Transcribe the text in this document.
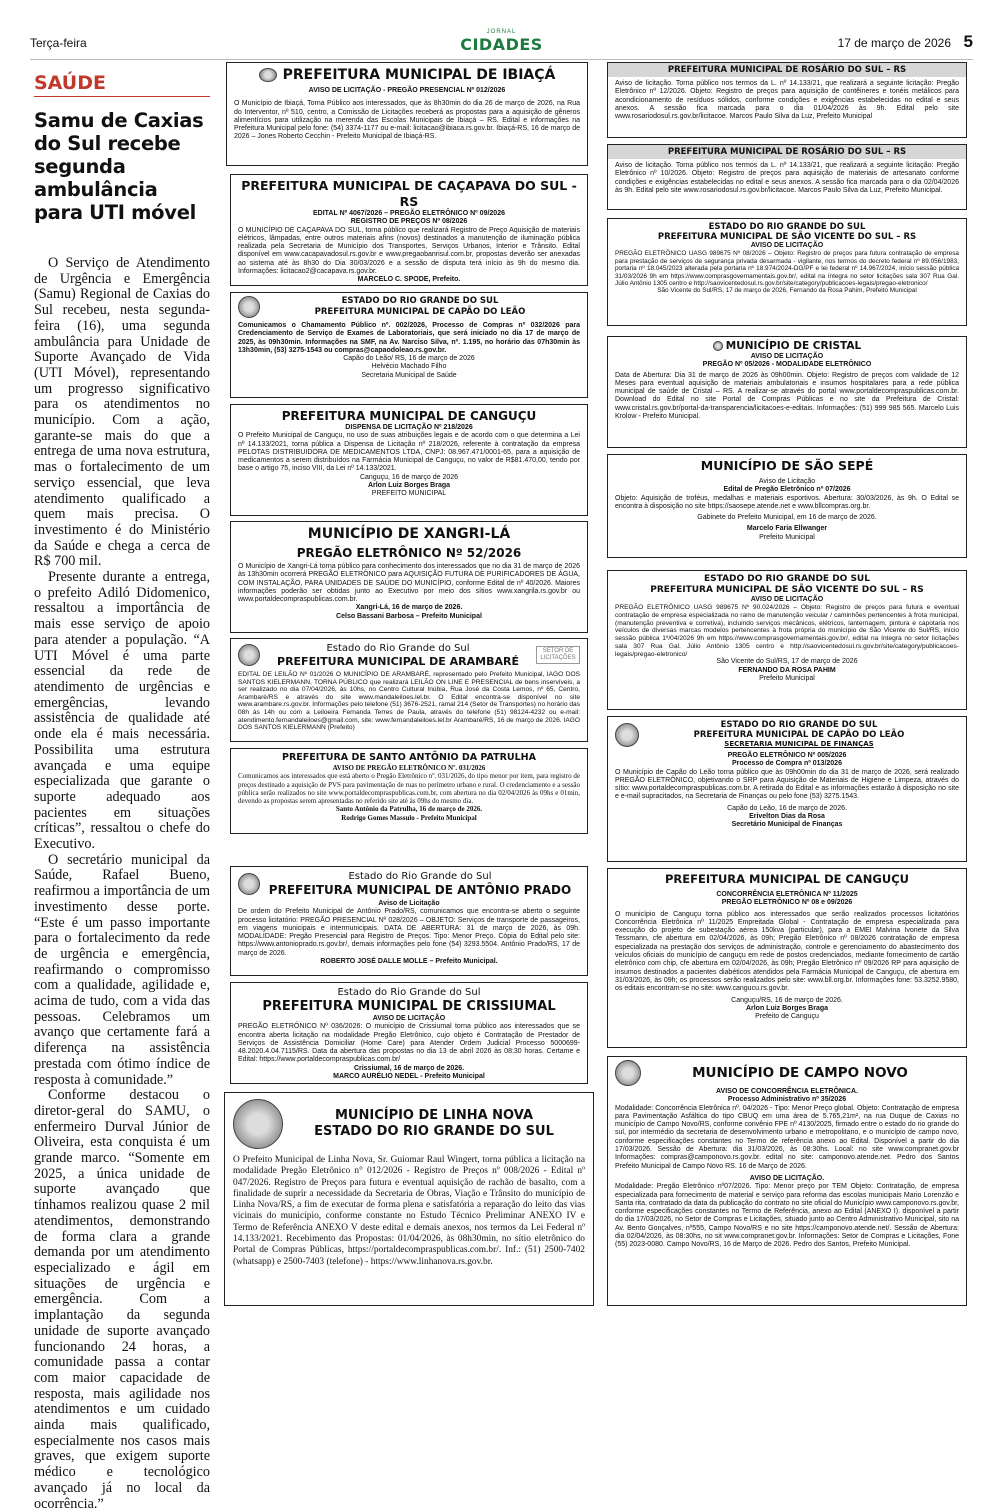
Terça-feira
JORNAL
CIDADES	17 de março de 2026 5
SAÚDE
Samu de Caxias do Sul recebe segunda ambulância para UTI móvel

O Serviço de Atendimento de Urgência e Emergência (Samu) Regional de Caxias do Sul recebeu, nesta segunda-feira (16), uma segunda ambulância para Unidade de Suporte Avançado de Vida (UTI Móvel), representando um progresso significativo para os atendimentos no município. Com a ação, garante-se mais do que a entrega de uma nova estrutura, mas o fortalecimento de um serviço essencial, que leva atendimento qualificado a quem mais precisa. O investimento é do Ministério da Saúde e chega a cerca de R$ 700 mil.

Presente durante a entrega, o prefeito Adiló Didomenico, ressaltou a importância de mais esse serviço de apoio para atender a população. “A UTI Móvel é uma parte essencial da rede de atendimento de urgências e emergências, levando assistência de qualidade até onde ela é mais necessária. Possibilita uma estrutura avançada e uma equipe especializada que garante o suporte adequado aos pacientes em situações críticas”, ressaltou o chefe do Executivo.

O secretário municipal da Saúde, Rafael Bueno, reafirmou a importância de um investimento desse porte. “Este é um passo importante para o fortalecimento da rede de urgência e emergência, reafirmando o compromisso com a qualidade, agilidade e, acima de tudo, com a vida das pessoas. Celebramos um avanço que certamente fará a diferença na assistência prestada com ótimo índice de resposta à comunidade.”

Conforme destacou o diretor-geral do SAMU, o enfermeiro Durval Júnior de Oliveira, esta conquista é um grande marco. “Somente em 2025, a única unidade de suporte avançado que tínhamos realizou quase 2 mil atendimentos, demonstrando de forma clara a grande demanda por um atendimento especializado e ágil em situações de urgência e emergência. Com a implantação da segunda unidade de suporte avançado funcionando 24 horas, a comunidade passa a contar com maior capacidade de resposta, mais agilidade nos atendimentos e um cuidado ainda mais qualificado, especialmente nos casos mais graves, que exigem suporte médico e tecnológico avançado já no local da ocorrência.”

PREFEITURA MUNICIPAL DE IBIAÇÁ
AVISO DE LICITAÇÃO - PREGÃO PRESENCIAL Nº 012/2026
O Município de Ibiaçá, Torna Público aos interessados, que às 8h30min do dia 26 de março de 2026, na Rua do Interventor, nº 510, centro, a Comissão de Licitações receberá as propostas para a aquisição de gêneros alimentícios para utilização na merenda das Escolas Municipais de Ibiaçá – RS. Edital e informações na Prefeitura Municipal pelo fone: (54) 3374-1177 ou e-mail: licitacao@ibiaca.rs.gov.br. Ibiaçá-RS, 16 de março de 2026 – Jones Roberto Cecchin - Prefeito Municipal de Ibiaçá-RS.
PREFEITURA MUNICIPAL DE CAÇAPAVA DO SUL - RS
EDITAL Nº 4067/2026 – PREGÃO ELETRÔNICO Nº 09/2026
REGISTRO DE PREÇOS Nº 08/2026
O MUNICÍPIO DE CAÇAPAVA DO SUL, torna público que realizará Registro de Preço Aquisição de materiais elétricos, lâmpadas, entre outros materiais afins (novos) destinados a manutenção de iluminação pública realizada pela Secretaria de Município dos Transportes, Serviços Urbanos, Interior e Trânsito. Edital disponível em www.cacapavadosul.rs.gov.br e www.pregaobanrisul.com.br, propostas deverão ser anexadas ao sistema até às 8h30 do Dia 30/03/2026 e a sessão de disputa terá início às 9h do mesmo dia. Informações: licitacao2@cacapava.rs.gov.br.
MARCELO C. SPODE, Prefeito.
ESTADO DO RIO GRANDE DO SUL
PREFEITURA MUNICIPAL DE CAPÃO DO LEÃO
Comunicamos o Chamamento Público nº. 002/2026, Processo de Compras nº 032/2026 para Credenciamento de Serviço de Exames de Laboratoriais, que será iniciado no dia 17 de março de 2025, às 09h30min. Informações na SMF, na Av. Narciso Silva, nº. 1.195, no horário das 07h30min às 13h30min, (53) 3275-1543 ou compras@capaodoleao.rs.gov.br.
Capão do Leão/ RS, 16 de março de 2026
Helvécio Machado Filho
Secretaria Municipal de Saúde
PREFEITURA MUNICIPAL DE CANGUÇU
DISPENSA DE LICITAÇÃO Nº 218/2026
O Prefeito Municipal de Canguçu, no uso de suas atribuições legais e de acordo com o que determina a Lei nº 14.133/2021, torna pública a Dispensa de Licitação nº 218/2026, referente à contratação da empresa PELOTAS DISTRIBUIDORA DE MEDICAMENTOS LTDA, CNPJ: 08.967.471/0001-65, para a aquisição de medicamentos a serem distribuídos na Farmácia Municipal de Canguçu, no valor de R$81.470,00, tendo por base o artigo 75, inciso VIII, da Lei nº 14.133/2021.
Canguçu, 16 de março de 2026
Arlon Luiz Borges Braga
PREFEITO MUNICIPAL
MUNICÍPIO DE XANGRI-LÁ
PREGÃO ELETRÔNICO Nº 52/2026
O Município de Xangri-Lá torna público para conhecimento dos interessados que no dia 31 de março de 2026 às 13h30min ocorrerá PREGÃO ELETRÔNICO para AQUISIÇÃO FUTURA DE PURIFICADORES DE ÁGUA, COM INSTALAÇÃO, PARA UNIDADES DE SAÚDE DO MUNICÍPIO, conforme Edital de nº 40/2026. Maiores informações poderão ser obtidas junto ao Executivo por meio dos sítios www.xangrila.rs.gov.br ou www.portaldecompraspublicas.com.br.
Xangri-Lá, 16 de março de 2026.
Celso Bassani Barbosa – Prefeito Municipal
Estado do Rio Grande do Sul
PREFEITURA MUNICIPAL DE ARAMBARÉ
SETOR DE LICITAÇÕES
EDITAL DE LEILÃO Nº 01/2026 O MUNICÍPIO DE ARAMBARÉ, representado pelo Prefeito Municipal, IAGO DOS SANTOS KIELERMANN, TORNA PÚBLICO que realizará LEILÃO ON LINE E PRESENCIAL de bens inservíveis, a ser realizado no dia 07/04/2026, às 10hs, no Centro Cultural Inúbia, Rua José da Costa Lemos, nº 65, Centro, Arambaré/RS e através do site www.mandaleiloes.lel.br. O Edital encontra-se disponível no site www.arambare.rs.gov.br. Informações pelo telefone (51) 3676-2521, ramal 214 (Setor de Transportes) no horário das 08h às 14h ou com a Leiloeira Fernanda Terres de Paula, através do telefone (51) 98124-4232 ou e-mail: atendimento.fernandaleiloes@gmail.com, site: www.fernandaleiloes.lel.br Arambaré/RS, 16 de março de 2026. IAGO DOS SANTOS KIELERMANN (Prefeito)
PREFEITURA DE SANTO ANTÔNIO DA PATRULHA
AVISO DE PREGÃO ELETRÔNICO Nº. 031/2026
Comunicamos aos interessados que está aberto o Pregão Eletrônico nº. 031/2026, do tipo menor por item, para registro de preços destinado a aquisição de PVS para pavimentação de ruas no perímetro urbano e rural. O credenciamento e a sessão pública serão realizados no site www.portaldecompraspublicas.com.br, com abertura no dia 02/04/2026 às 09hs e 01min, devendo as propostas serem apresentadas no referido site até às 09hs do mesmo dia.
Santo Antônio da Patrulha, 16 de março de 2026.
Rodrigo Gomes Massulo - Prefeito Municipal
Estado do Rio Grande do Sul
PREFEITURA MUNICIPAL DE ANTÔNIO PRADO
Aviso de Licitação
De ordem do Prefeito Municipal de Antônio Prado/RS, comunicamos que encontra-se aberto o seguinte processo licitatório: PREGÃO PRESENCIAL Nº 028/2026 – OBJETO: Serviços de transporte de passageiros, em viagens municipais e intermunicipais. DATA DE ABERTURA: 31 de março de 2026, às 09h. MODALIDADE: Pregão Presencial para Registro de Preços. Tipo: Menor Preço. Cópia do Edital pelo site: https://www.antonioprado.rs.gov.br/, demais informações pelo fone (54) 3293.5504. Antônio Prado/RS, 17 de março de 2026.
ROBERTO JOSÉ DALLE MOLLE – Prefeito Municipal.
Estado do Rio Grande do Sul
PREFEITURA MUNICIPAL DE CRISSIUMAL
AVISO DE LICITAÇÃO
PREGÃO ELETRÔNICO Nº 036/2026: O município de Crissiumal torna público aos interessados que se encontra aberta licitação na modalidade Pregão Eletrônico, cujo objeto é Contratação de Prestador de Serviços de Assistência Domiciliar (Home Care) para Atender Ordem Judicial Processo 5000699-48.2020.4.04.7115/RS. Data da abertura das propostas no dia 13 de abril 2026 às 08:30 horas. Certame e Edital: https://www.portaldecompraspublicas.com.br/
Crissiumal, 16 de março de 2026.
MARCO AURÉLIO NEDEL - Prefeito Municipal
MUNICÍPIO DE LINHA NOVA
ESTADO DO RIO GRANDE DO SUL
O Prefeito Municipal de Linha Nova, Sr. Guiomar Raul Wingert, torna pública a licitação na modalidade Pregão Eletrônico n° 012/2026 - Registro de Preços nº 008/2026 - Edital nº 047/2026. Registro de Preços para futura e eventual aquisição de rachão de basalto, com a finalidade de suprir a necessidade da Secretaria de Obras, Viação e Trânsito do município de Linha Nova/RS, a fim de executar de forma plena e satisfatória a reparação do leito das vias vicinais do município, conforme constante no Estudo Técnico Preliminar ANEXO IV e Termo de Referência ANEXO V deste edital e demais anexos, nos termos da Lei Federal nº 14.133/2021. Recebimento das Propostas: 01/04/2026, às 08h30min, no sítio eletrônico do Portal de Compras Públicas, https://portaldecompraspublicas.com.br/. Inf.: (51) 2500-7402 (whatsapp) e 2500-7403 (telefone) - https://www.linhanova.rs.gov.br.
PREFEITURA MUNICIPAL DE ROSÁRIO DO SUL – RS
Aviso de licitação. Torna público nos termos da L. nº 14.133/21, que realizará a seguinte licitação: Pregão Eletrônico nº 12/2026. Objeto: Registro de preços para aquisição de contêineres e tonéis metálicos para acondicionamento de resíduos sólidos, conforme condições e exigências estabelecidas no edital e seus anexos. A sessão fica marcada para o dia 01/04/2026 às 9h. Edital pelo site www.rosariodosul.rs.gov.br/licitacoe. Marcos Paulo Silva da Luz, Prefeito Municipal
PREFEITURA MUNICIPAL DE ROSÁRIO DO SUL – RS
Aviso de licitação. Torna público nos termos da L. nº 14.133/21, que realizará a seguinte licitação: Pregão Eletrônico nº 10/2026. Objeto: Registro de preços para aquisição de materiais de artesanato conforme condições e exigências estabelecidas no edital e seus anexos. A sessão fica marcada para o dia 02/04/2026 às 9h. Edital pelo site www.rosariodosul.rs.gov.br/licitacoe. Marcos Paulo Silva da Luz, Prefeito Municipal.
ESTADO DO RIO GRANDE DO SUL
PREFEITURA MUNICIPAL DE SÃO VICENTE DO SUL – RS
AVISO DE LICITAÇÃO
PREGÃO ELETRÔNICO UASG 989675 Nº 08/2026 – Objeto: Registro de preços para futura contratação de empresa para prestação de serviços de segurança privada desarmada - vigilante, nos termos do decreto federal nº 89.056/1983, portaria nº 18.045/2023 alterada pela portaria nº 18.974/2024-DG/PF e lei federal nº 14.967/2024, início sessão pública 31/03/2026 9h em https://www.comprasgovernamentais.gov.br/, edital na íntegra no setor licitações sala 307 Rua Gal. Júlio Antônio 1305 centro e http://saovicentedosul.rs.gov.br/site/category/publicacoes-legais/pregao-eletronico/
São Vicente do Sul/RS, 17 de março de 2026, Fernando da Rosa Pahim, Prefeito Municipal
MUNICÍPIO DE CRISTAL
AVISO DE LICITAÇÃO
PREGÃO Nº 05/2026 - MODALIDADE ELETRÔNICO
Data de Abertura: Dia 31 de março de 2026 às 09h00min. Objeto: Registro de preços com validade de 12 Meses para eventual aquisição de materiais ambulatoriais e insumos hospitalares para a rede pública municipal de saúde de Cristal – RS. A realizar-se através do portal www.portaldecompraspublicas.com.br. Download do Edital no site Portal de Compras Públicas e no site da Prefeitura de Cristal: www.cristal.rs.gov.br/portal-da-transparencia/licitacoes-e-editais. Informações: (51) 999 985 565. Marcelo Luis Krolow - Prefeito Municipal.
MUNICÍPIO DE SÃO SEPÉ
Aviso de Licitação
Edital de Pregão Eletrônico nº 07/2026
Objeto: Aquisição de troféus, medalhas e materiais esportivos. Abertura: 30/03/2026, às 9h. O Edital se encontra à disposição no site https://saosepe.atende.net e www.bllcompras.org.br.
Gabinete do Prefeito Municipal, em 16 de março de 2026.
Marcelo Faria Ellwanger
Prefeito Municipal
ESTADO DO RIO GRANDE DO SUL
PREFEITURA MUNICIPAL DE SÃO VICENTE DO SUL – RS
AVISO DE LICITAÇÃO
PREGÃO ELETRÔNICO UASG 989675 Nº 90.024/2026 – Objeto: Registro de preços para futura e eventual contratação de empresa especializada no ramo de manutenção veicular / caminhões pertencentes à frota municipal, (manutenção preventiva e corretiva), incluindo serviços mecânicos, elétricos, lanternagem, pintura e capotaria nos veículos de diversas marcas modelos pertencentes à frota própria do município de São Vicente do Sul/RS, início sessão pública 1º/04/2026 9h em https://www.comprasgovernamentais.gov.br/, edital na íntegra no setor licitações sala 307 Rua Gal. Júlio Antônio 1305 centro e http://saovicentedosul.rs.gov.br/site/category/publicacoes-legais/pregao-eletronico/
São Vicente do Sul/RS, 17 de março de 2026
FERNANDO DA ROSA PAHIM
Prefeito Municipal
ESTADO DO RIO GRANDE DO SUL
PREFEITURA MUNICIPAL DE CAPÃO DO LEÃO
SECRETARIA MUNICIPAL DE FINANÇAS
PREGÃO ELETRÔNICO Nº 005/2026
Processo de Compra nº 013/2026
O Município de Capão do Leão torna público que às 09h00min do dia 31 de março de 2026, será realizado PREGÃO ELETRÔNICO, objetivando o SRP para Aquisição de Materiais de Higiene e Limpeza, através do sítio: www.portaldecompraspublicas.com.br. A retirada do Edital e as informações estarão à disposição no site e e-mail supracitados, na Secretaria de Finanças ou pelo fone (53) 3275.1543.
Capão do Leão, 16 de março de 2026.
Erivelton Dias da Rosa
Secretário Municipal de Finanças
PREFEITURA MUNICIPAL DE CANGUÇU
CONCORRÊNCIA ELETRÔNICA Nº 11/2025
PREGÃO ELETRÔNICO Nº 08 e 09/2026
O município de Canguçu torna público aos interessados que serão realizados processos licitatórios Concorrência Eletrônica nº 11/2025 Empreitada Global - Contratação de empresa especializada para execução do projeto de subestação aérea 150kva (particular), para a EMEI Malvina Ivonete da Silva Tessmann, cfe abertura em 02/04/2026, às 09h; Pregão Eletrônico nº 08/2026 contratação de empresa especializada na prestação dos serviços de administração, controle e gerenciamento do abastecimento dos veículos oficiais do município de canguçu em rede de postos credenciados, mediante fornecimento de cartão eletrônico com chip, cfe abertura em 02/04/2026, às 09h; Pregão Eletrônico nº 09/2026 RP para aquisição de insumos destinados a pacientes diabéticos atendidos pela Farmácia Municipal de Canguçu, cfe abertura em 31/03/2026, às 09h; os processos serão realizados pelo site: www.bll.org.br. Informações fone: 53.3252.9580, os editais encontram-se no site: www.cangucu.rs.gov.br.
Canguçu/RS, 16 de março de 2026.
Arlon Luiz Borges Braga
Prefeito de Canguçu
MUNICÍPIO DE CAMPO NOVO
AVISO DE CONCORRÊNCIA ELETRÔNICA.
Processo Administrativo nº 35/2026
Modalidade: Concorrência Eletrônica nº. 04/2026 - Tipo: Menor Preço global. Objeto: Contratação de empresa para Pavimentação Asfáltica do tipo CBUQ em uma área de 5.765,21m², na rua Duque de Caxias no município de Campo Novo/RS, conforme convênio FPE nº 4130/2025, firmado entre o estado do rio grande do sul, por intermédio da secretaria de desenvolvimento urbano e metropolitano, e o município de campo novo, conforme especificações constantes no Termo de referência anexo ao Edital. Disponível a partir do dia 17/03/2026. Sessão de Abertura: dia 31/03/2026, às 08:30hs. Local: no site www.compranet.gov.br Informações: compras@camponovo.rs.gov.br. edital no site: camponovo.atende.net. Pedro dos Santos Prefeito Municipal de Campo Novo RS. 16 de Março de 2026.
AVISO DE LICITAÇÃO.
Modalidade: Pregão Eletrônico nº07/2026. Tipo: Menor preço por TEM Objeto: Contratação, de empresa especializada para fornecimento de material e serviço para reforma das escolas municipais Mario Lorenzão e Santa rita, contratado da data da publicação do contrato no site oficial do Município www.camponovo.rs.gov.br, conforme especificações constantes no Termo de Referência, anexo ao Edital (ANEXO I). disponível a partir do dia 17/03/2026, no Setor de Compras e Licitações, situado junto ao Centro Administrativo Municipal, sito na Av. Bento Gonçalves, nº555, Campo Novo/RS e no site https://camponovo.atende.net/. Sessão de Abertura: dia 02/04/2026, às 08:30hs, no sit www.compranet.gov.br. Informações: Setor de Compras e Licitações, Fone (55) 2023-0080. Campo Novo/RS, 16 de Março de 2026. Pedro dos Santos, Prefeito Municipal.
